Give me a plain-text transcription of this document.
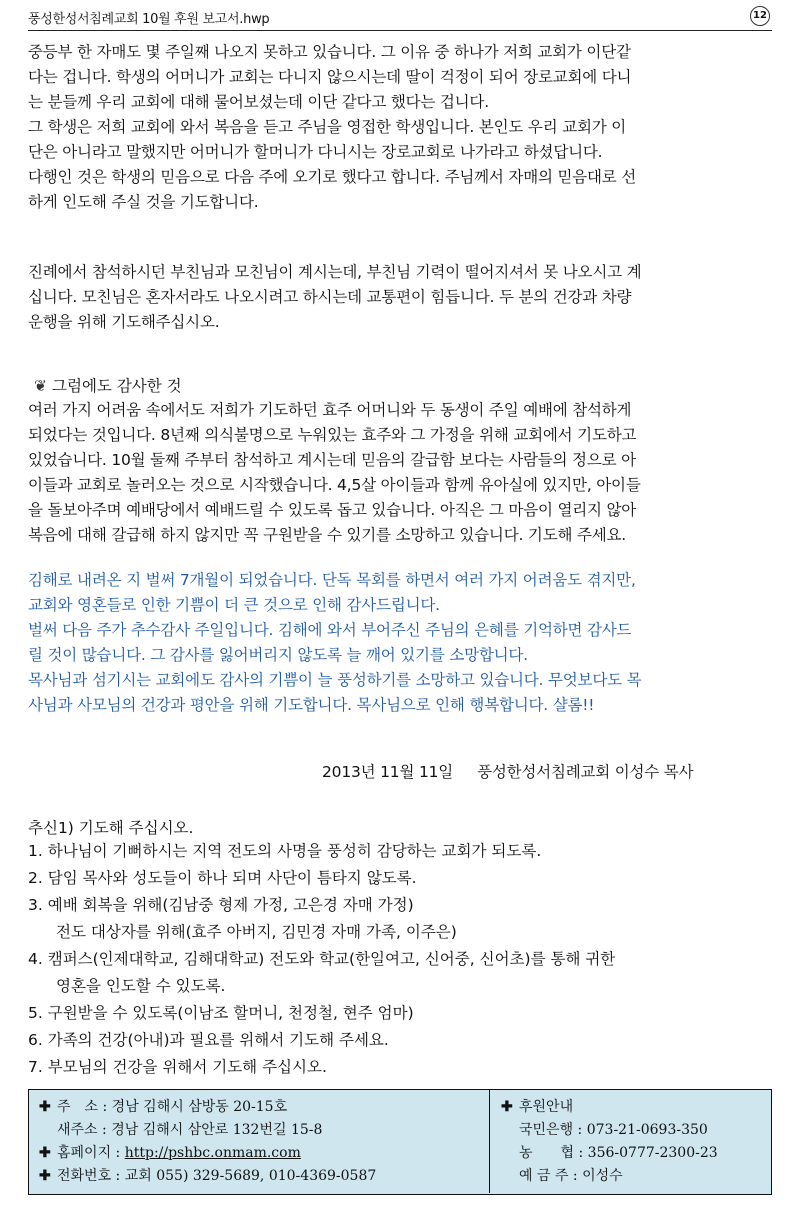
풍성한성서침례교회 10월 후원 보고서.hwp	12
중등부 한 자매도 몇 주일째 나오지 못하고 있습니다. 그 이유 중 하나가 저희 교회가 이단같
다는 겁니다. 학생의 어머니가 교회는 다니지 않으시는데 딸이 걱정이 되어 장로교회에 다니
는 분들께 우리 교회에 대해 물어보셨는데 이단 같다고 했다는 겁니다.
그 학생은 저희 교회에 와서 복음을 듣고 주님을 영접한 학생입니다. 본인도 우리 교회가 이
단은 아니라고 말했지만 어머니가 할머니가 다니시는 장로교회로 나가라고 하셨답니다.
다행인 것은 학생의 믿음으로 다음 주에 오기로 했다고 합니다. 주님께서 자매의 믿음대로 선
하게 인도해 주실 것을 기도합니다.
진례에서 참석하시던 부친님과 모친님이 계시는데, 부친님 기력이 떨어지셔서 못 나오시고 계
십니다. 모친님은 혼자서라도 나오시려고 하시는데 교통편이 힘듭니다. 두 분의 건강과 차량
운행을 위해 기도해주십시오.
❦ 그럼에도 감사한 것
여러 가지 어려움 속에서도 저희가 기도하던 효주 어머니와 두 동생이 주일 예배에 참석하게
되었다는 것입니다. 8년째 의식불명으로 누워있는 효주와 그 가정을 위해 교회에서 기도하고
있었습니다. 10월 둘째 주부터 참석하고 계시는데 믿음의 갈급함 보다는 사람들의 정으로 아
이들과 교회로 놀러오는 것으로 시작했습니다. 4,5살 아이들과 함께 유아실에 있지만, 아이들
을 돌보아주며 예배당에서 예배드릴 수 있도록 돕고 있습니다. 아직은 그 마음이 열리지 않아
복음에 대해 갈급해 하지 않지만 꼭 구원받을 수 있기를 소망하고 있습니다. 기도해 주세요.
김해로 내려온 지 벌써 7개월이 되었습니다. 단독 목회를 하면서 여러 가지 어려움도 겪지만,
교회와 영혼들로 인한 기쁨이 더 큰 것으로 인해 감사드립니다.
벌써 다음 주가 추수감사 주일입니다. 김해에 와서 부어주신 주님의 은혜를 기억하면 감사드
릴 것이 많습니다. 그 감사를 잃어버리지 않도록 늘 깨어 있기를 소망합니다.
목사님과 섬기시는 교회에도 감사의 기쁨이 늘 풍성하기를 소망하고 있습니다. 무엇보다도 목
사님과 사모님의 건강과 평안을 위해 기도합니다. 목사님으로 인해 행복합니다. 샬롬!!
2013년 11월 11일 풍성한성서침례교회 이성수 목사
추신1) 기도해 주십시오.
1. 하나님이 기뻐하시는 지역 전도의 사명을 풍성히 감당하는 교회가 되도록.
2. 담임 목사와 성도들이 하나 되며 사단이 틈타지 않도록.
3. 예배 회복을 위해(김남중 형제 가정, 고은경 자매 가정)
전도 대상자를 위해(효주 아버지, 김민경 자매 가족, 이주은)
4. 캠퍼스(인제대학교, 김해대학교) 전도와 학교(한일여고, 신어중, 신어초)를 통해 귀한
영혼을 인도할 수 있도록.
5. 구원받을 수 있도록(이남조 할머니, 천정철, 현주 엄마)
6. 가족의 건강(아내)과 필요를 위해서 기도해 주세요.
7. 부모님의 건강을 위해서 기도해 주십시오.
✚ 주　소 : 경남 김해시 삼방동 20-15호
새주소 : 경남 김해시 삼안로 132번길 15-8
✚ 홈페이지 : http://pshbc.onmam.com
✚ 전화번호 : 교회 055) 329-5689, 010-4369-0587
✚ 후원안내
국민은행 : 073-21-0693-350
농　　협 : 356-0777-2300-23
예 금 주 : 이성수
